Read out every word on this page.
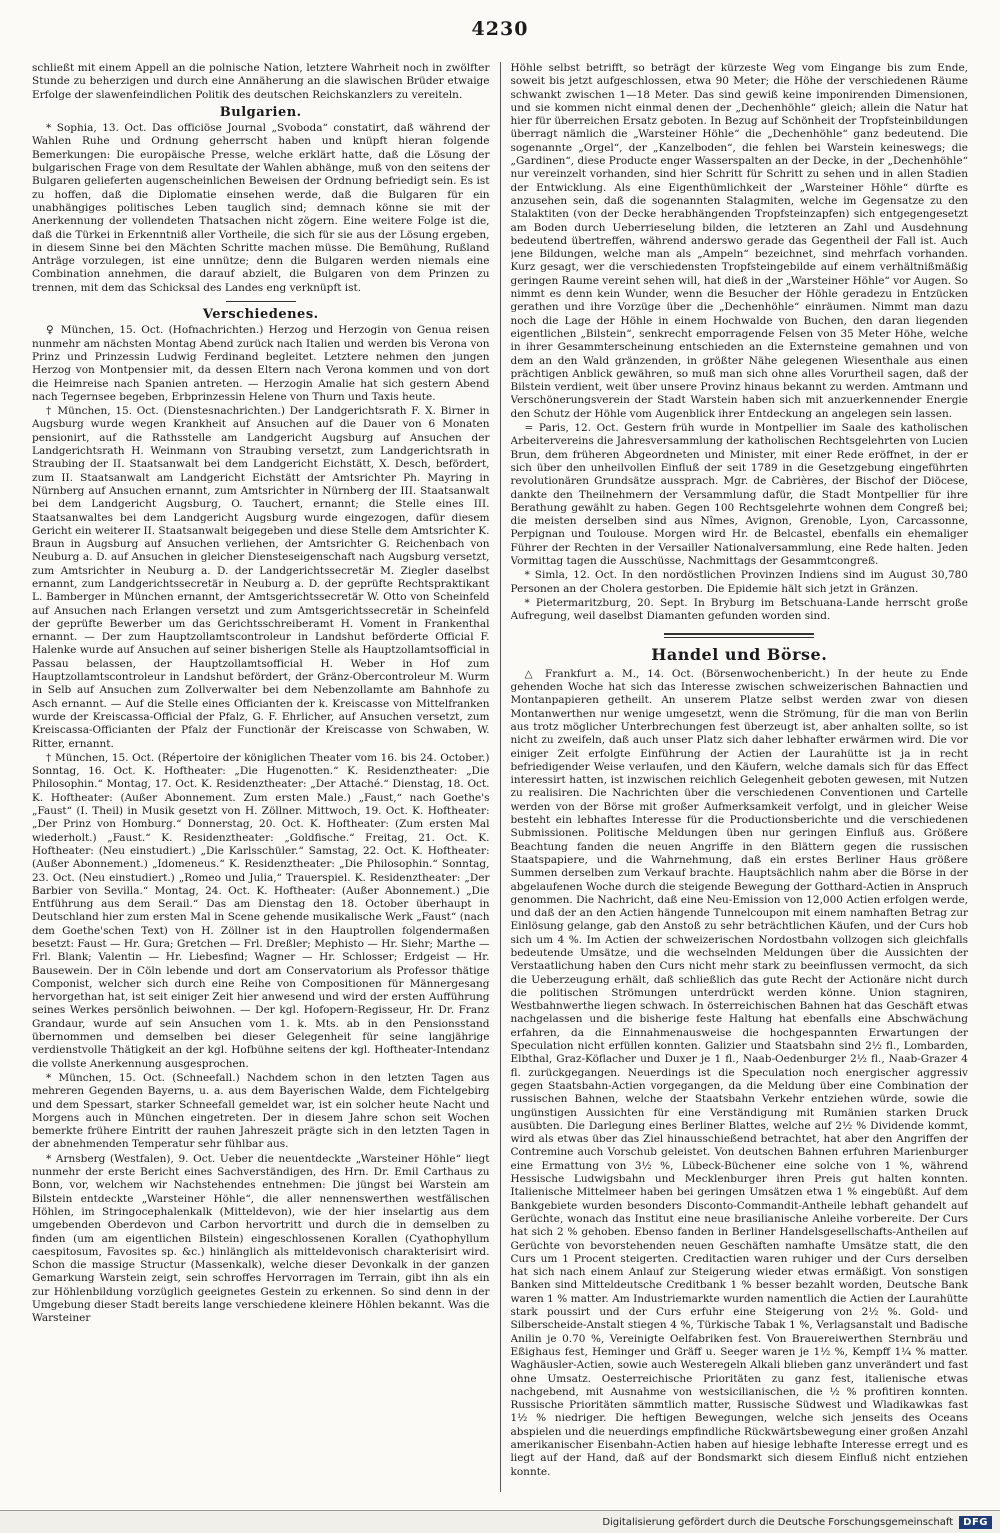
4230

schließt mit einem Appell an die polnische Nation, letztere Wahrheit noch in zwölfter Stunde zu beherzigen und durch eine Annäherung an die slawischen Brüder etwaige Erfolge der slawenfeindlichen Politik des deutschen Reichskanzlers zu vereiteln.

Bulgarien.

* Sophia, 13. Oct. Das officiöse Journal „Svoboda“ constatirt, daß während der Wahlen Ruhe und Ordnung geherrscht haben und knüpft hieran folgende Bemerkungen: Die europäische Presse, welche erklärt hatte, daß die Lösung der bulgarischen Frage von dem Resultate der Wahlen abhänge, muß von den seitens der Bulgaren gelieferten augenscheinlichen Beweisen der Ordnung befriedigt sein. Es ist zu hoffen, daß die Diplomatie einsehen werde, daß die Bulgaren für ein unabhängiges politisches Leben tauglich sind; demnach könne sie mit der Anerkennung der vollendeten Thatsachen nicht zögern. Eine weitere Folge ist die, daß die Türkei in Erkenntniß aller Vortheile, die sich für sie aus der Lösung ergeben, in diesem Sinne bei den Mächten Schritte machen müsse. Die Bemühung, Rußland Anträge vorzulegen, ist eine unnütze; denn die Bulgaren werden niemals eine Combination annehmen, die darauf abzielt, die Bulgaren von dem Prinzen zu trennen, mit dem das Schicksal des Landes eng verknüpft ist.

Verschiedenes.

♀ München, 15. Oct. (Hofnachrichten.) Herzog und Herzogin von Genua reisen nunmehr am nächsten Montag Abend zurück nach Italien und werden bis Verona von Prinz und Prinzessin Ludwig Ferdinand begleitet. Letztere nehmen den jungen Herzog von Montpensier mit, da dessen Eltern nach Verona kommen und von dort die Heimreise nach Spanien antreten. — Herzogin Amalie hat sich gestern Abend nach Tegernsee begeben, Erbprinzessin Helene von Thurn und Taxis heute.

† München, 15. Oct. (Dienstesnachrichten.) Der Landgerichtsrath F. X. Birner in Augsburg wurde wegen Krankheit auf Ansuchen auf die Dauer von 6 Monaten pensionirt, auf die Rathsstelle am Landgericht Augsburg auf Ansuchen der Landgerichtsrath H. Weinmann von Straubing versetzt, zum Landgerichtsrath in Straubing der II. Staatsanwalt bei dem Landgericht Eichstätt, X. Desch, befördert, zum II. Staatsanwalt am Landgericht Eichstätt der Amtsrichter Ph. Mayring in Nürnberg auf Ansuchen ernannt, zum Amtsrichter in Nürnberg der III. Staatsanwalt bei dem Landgericht Augsburg, O. Tauchert, ernannt; die Stelle eines III. Staatsanwaltes bei dem Landgericht Augsburg wurde eingezogen, dafür diesem Gericht ein weiterer II. Staatsanwalt beigegeben und diese Stelle dem Amtsrichter K. Braun in Augsburg auf Ansuchen verliehen, der Amtsrichter G. Reichenbach von Neuburg a. D. auf Ansuchen in gleicher Diensteseigenschaft nach Augsburg versetzt, zum Amtsrichter in Neuburg a. D. der Landgerichtssecretär M. Ziegler daselbst ernannt, zum Landgerichtssecretär in Neuburg a. D. der geprüfte Rechtspraktikant L. Bamberger in München ernannt, der Amtsgerichtssecretär W. Otto von Scheinfeld auf Ansuchen nach Erlangen versetzt und zum Amtsgerichtssecretär in Scheinfeld der geprüfte Bewerber um das Gerichtsschreiberamt H. Voment in Frankenthal ernannt. — Der zum Hauptzollamtscontroleur in Landshut beförderte Official F. Halenke wurde auf Ansuchen auf seiner bisherigen Stelle als Hauptzollamtsofficial in Passau belassen, der Hauptzollamtsofficial H. Weber in Hof zum Hauptzollamtscontroleur in Landshut befördert, der Gränz-Obercontroleur M. Wurm in Selb auf Ansuchen zum Zollverwalter bei dem Nebenzollamte am Bahnhofe zu Asch ernannt. — Auf die Stelle eines Officianten der k. Kreiscasse von Mittelfranken wurde der Kreiscassa-Official der Pfalz, G. F. Ehrlicher, auf Ansuchen versetzt, zum Kreiscassa-Officianten der Pfalz der Functionär der Kreiscasse von Schwaben, W. Ritter, ernannt.

† München, 15. Oct. (Répertoire der königlichen Theater vom 16. bis 24. October.) Sonntag, 16. Oct. K. Hoftheater: „Die Hugenotten.“ K. Residenztheater: „Die Philosophin.“ Montag, 17. Oct. K. Residenztheater: „Der Attaché.“ Dienstag, 18. Oct. K. Hoftheater: (Außer Abonnement. Zum ersten Male.) „Faust,“ nach Goethe's „Faust“ (I. Theil) in Musik gesetzt von H. Zöllner. Mittwoch, 19. Oct. K. Hoftheater: „Der Prinz von Homburg.“ Donnerstag, 20. Oct. K. Hoftheater: (Zum ersten Mal wiederholt.) „Faust.“ K. Residenztheater: „Goldfische.“ Freitag, 21. Oct. K. Hoftheater: (Neu einstudiert.) „Die Karlsschüler.“ Samstag, 22. Oct. K. Hoftheater: (Außer Abonnement.) „Idomeneus.“ K. Residenztheater: „Die Philosophin.“ Sonntag, 23. Oct. (Neu einstudiert.) „Romeo und Julia,“ Trauerspiel. K. Residenztheater: „Der Barbier von Sevilla.“ Montag, 24. Oct. K. Hoftheater: (Außer Abonnement.) „Die Entführung aus dem Serail.“ Das am Dienstag den 18. October überhaupt in Deutschland hier zum ersten Mal in Scene gehende musikalische Werk „Faust“ (nach dem Goethe'schen Text) von H. Zöllner ist in den Hauptrollen folgendermaßen besetzt: Faust — Hr. Gura; Gretchen — Frl. Dreßler; Mephisto — Hr. Siehr; Marthe — Frl. Blank; Valentin — Hr. Liebesfind; Wagner — Hr. Schlosser; Erdgeist — Hr. Bausewein. Der in Cöln lebende und dort am Conservatorium als Professor thätige Componist, welcher sich durch eine Reihe von Compositionen für Männergesang hervorgethan hat, ist seit einiger Zeit hier anwesend und wird der ersten Aufführung seines Werkes persönlich beiwohnen. — Der kgl. Hofopern-Regisseur, Hr. Dr. Franz Grandaur, wurde auf sein Ansuchen vom 1. k. Mts. ab in den Pensionsstand übernommen und demselben bei dieser Gelegenheit für seine langjährige verdienstvolle Thätigkeit an der kgl. Hofbühne seitens der kgl. Hoftheater-Intendanz die vollste Anerkennung ausgesprochen.

* München, 15. Oct. (Schneefall.) Nachdem schon in den letzten Tagen aus mehreren Gegenden Bayerns, u. a. aus dem Bayerischen Walde, dem Fichtelgebirg und dem Spessart, starker Schneefall gemeldet war, ist ein solcher heute Nacht und Morgens auch in München eingetreten. Der in diesem Jahre schon seit Wochen bemerkte frühere Eintritt der rauhen Jahreszeit prägte sich in den letzten Tagen in der abnehmenden Temperatur sehr fühlbar aus.

* Arnsberg (Westfalen), 9. Oct. Ueber die neuentdeckte „Warsteiner Höhle“ liegt nunmehr der erste Bericht eines Sachverständigen, des Hrn. Dr. Emil Carthaus zu Bonn, vor, welchem wir Nachstehendes entnehmen: Die jüngst bei Warstein am Bilstein entdeckte „Warsteiner Höhle“, die aller nennenswerthen westfälischen Höhlen, im Stringocephalenkalk (Mitteldevon), wie der hier inselartig aus dem umgebenden Oberdevon und Carbon hervortritt und durch die in demselben zu finden (um am eigentlichen Bilstein) eingeschlossenen Korallen (Cyathophyllum caespitosum, Favosites sp. &c.) hinlänglich als mitteldevonisch charakterisirt wird. Schon die massige Structur (Massenkalk), welche dieser Devonkalk in der ganzen Gemarkung Warstein zeigt, sein schroffes Hervorragen im Terrain, gibt ihn als ein zur Höhlenbildung vorzüglich geeignetes Gestein zu erkennen. So sind denn in der Umgebung dieser Stadt bereits lange verschiedene kleinere Höhlen bekannt. Was die Warsteiner

Höhle selbst betrifft, so beträgt der kürzeste Weg vom Eingange bis zum Ende, soweit bis jetzt aufgeschlossen, etwa 90 Meter; die Höhe der verschiedenen Räume schwankt zwischen 1—18 Meter. Das sind gewiß keine imponirenden Dimensionen, und sie kommen nicht einmal denen der „Dechenhöhle“ gleich; allein die Natur hat hier für überreichen Ersatz geboten. In Bezug auf Schönheit der Tropfsteinbildungen überragt nämlich die „Warsteiner Höhle“ die „Dechenhöhle“ ganz bedeutend. Die sogenannte „Orgel“, der „Kanzelboden“, die fehlen bei Warstein keineswegs; die „Gardinen“, diese Producte enger Wasserspalten an der Decke, in der „Dechenhöhle“ nur vereinzelt vorhanden, sind hier Schritt für Schritt zu sehen und in allen Stadien der Entwicklung. Als eine Eigenthümlichkeit der „Warsteiner Höhle“ dürfte es anzusehen sein, daß die sogenannten Stalagmiten, welche im Gegensatze zu den Stalaktiten (von der Decke herabhängenden Tropfsteinzapfen) sich entgegengesetzt am Boden durch Ueberrieselung bilden, die letzteren an Zahl und Ausdehnung bedeutend übertreffen, während anderswo gerade das Gegentheil der Fall ist. Auch jene Bildungen, welche man als „Ampeln“ bezeichnet, sind mehrfach vorhanden. Kurz gesagt, wer die verschiedensten Tropfsteingebilde auf einem verhältnißmäßig geringen Raume vereint sehen will, hat dieß in der „Warsteiner Höhle“ vor Augen. So nimmt es denn kein Wunder, wenn die Besucher der Höhle geradezu in Entzücken gerathen und ihre Vorzüge über die „Dechenhöhle“ einräumen. Nimmt man dazu noch die Lage der Höhle in einem Hochwalde von Buchen, den daran liegenden eigentlichen „Bilstein“, senkrecht emporragende Felsen von 35 Meter Höhe, welche in ihrer Gesammterscheinung entschieden an die Externsteine gemahnen und von dem an den Wald gränzenden, in größter Nähe gelegenen Wiesenthale aus einen prächtigen Anblick gewähren, so muß man sich ohne alles Vorurtheil sagen, daß der Bilstein verdient, weit über unsere Provinz hinaus bekannt zu werden. Amtmann und Verschönerungsverein der Stadt Warstein haben sich mit anzuerkennender Energie den Schutz der Höhle vom Augenblick ihrer Entdeckung an angelegen sein lassen.

= Paris, 12. Oct. Gestern früh wurde in Montpellier im Saale des katholischen Arbeitervereins die Jahresversammlung der katholischen Rechtsgelehrten von Lucien Brun, dem früheren Abgeordneten und Minister, mit einer Rede eröffnet, in der er sich über den unheilvollen Einfluß der seit 1789 in die Gesetzgebung eingeführten revolutionären Grundsätze aussprach. Mgr. de Cabrières, der Bischof der Diöcese, dankte den Theilnehmern der Versammlung dafür, die Stadt Montpellier für ihre Berathung gewählt zu haben. Gegen 100 Rechtsgelehrte wohnen dem Congreß bei; die meisten derselben sind aus Nîmes, Avignon, Grenoble, Lyon, Carcassonne, Perpignan und Toulouse. Morgen wird Hr. de Belcastel, ebenfalls ein ehemaliger Führer der Rechten in der Versailler Nationalversammlung, eine Rede halten. Jeden Vormittag tagen die Ausschüsse, Nachmittags der Gesammtcongreß.

* Simla, 12. Oct. In den nordöstlichen Provinzen Indiens sind im August 30,780 Personen an der Cholera gestorben. Die Epidemie hält sich jetzt in Gränzen.

* Pietermaritzburg, 20. Sept. In Bryburg im Betschuana-Lande herrscht große Aufregung, weil daselbst Diamanten gefunden worden sind.

Handel und Börse.

△ Frankfurt a. M., 14. Oct. (Börsenwochenbericht.) In der heute zu Ende gehenden Woche hat sich das Interesse zwischen schweizerischen Bahnactien und Montanpapieren getheilt. An unserem Platze selbst werden zwar von diesen Montanwerthen nur wenige umgesetzt, wenn die Strömung, für die man von Berlin aus trotz möglicher Unterbrechungen fest überzeugt ist, aber anhalten sollte, so ist nicht zu zweifeln, daß auch unser Platz sich daher lebhafter erwärmen wird. Die vor einiger Zeit erfolgte Einführung der Actien der Laurahütte ist ja in recht befriedigender Weise verlaufen, und den Käufern, welche damals sich für das Effect interessirt hatten, ist inzwischen reichlich Gelegenheit geboten gewesen, mit Nutzen zu realisiren. Die Nachrichten über die verschiedenen Conventionen und Cartelle werden von der Börse mit großer Aufmerksamkeit verfolgt, und in gleicher Weise besteht ein lebhaftes Interesse für die Productionsberichte und die verschiedenen Submissionen. Politische Meldungen üben nur geringen Einfluß aus. Größere Beachtung fanden die neuen Angriffe in den Blättern gegen die russischen Staatspapiere, und die Wahrnehmung, daß ein erstes Berliner Haus größere Summen derselben zum Verkauf brachte. Hauptsächlich nahm aber die Börse in der abgelaufenen Woche durch die steigende Bewegung der Gotthard-Actien in Anspruch genommen. Die Nachricht, daß eine Neu-Emission von 12,000 Actien erfolgen werde, und daß der an den Actien hängende Tunnelcoupon mit einem namhaften Betrag zur Einlösung gelange, gab den Anstoß zu sehr beträchtlichen Käufen, und der Curs hob sich um 4 %. Im Actien der schweizerischen Nordostbahn vollzogen sich gleichfalls bedeutende Umsätze, und die wechselnden Meldungen über die Aussichten der Verstaatlichung haben den Curs nicht mehr stark zu beeinflussen vermocht, da sich die Ueberzeugung erhält, daß schließlich das gute Recht der Actionäre nicht durch die politischen Strömungen unterdrückt werden könne. Union stagniren, Westbahnwerthe liegen schwach. In österreichischen Bahnen hat das Geschäft etwas nachgelassen und die bisherige feste Haltung hat ebenfalls eine Abschwächung erfahren, da die Einnahmenausweise die hochgespannten Erwartungen der Speculation nicht erfüllen konnten. Galizier und Staatsbahn sind 2½ fl., Lombarden, Elbthal, Graz-Köflacher und Duxer je 1 fl., Naab-Oedenburger 2½ fl., Naab-Grazer 4 fl. zurückgegangen. Neuerdings ist die Speculation noch energischer aggressiv gegen Staatsbahn-Actien vorgegangen, da die Meldung über eine Combination der russischen Bahnen, welche der Staatsbahn Verkehr entziehen würde, sowie die ungünstigen Aussichten für eine Verständigung mit Rumänien starken Druck ausübten. Die Darlegung eines Berliner Blattes, welche auf 2½ % Dividende kommt, wird als etwas über das Ziel hinausschießend betrachtet, hat aber den Angriffen der Contremine auch Vorschub geleistet. Von deutschen Bahnen erfuhren Marienburger eine Ermattung von 3½ %, Lübeck-Büchener eine solche von 1 %, während Hessische Ludwigsbahn und Mecklenburger ihren Preis gut halten konnten. Italienische Mittelmeer haben bei geringen Umsätzen etwa 1 % eingebüßt. Auf dem Bankgebiete wurden besonders Disconto-Commandit-Antheile lebhaft gehandelt auf Gerüchte, wonach das Institut eine neue brasilianische Anleihe vorbereite. Der Curs hat sich 2 % gehoben. Ebenso fanden in Berliner Handelsgesellschafts-Antheilen auf Gerüchte von bevorstehenden neuen Geschäften namhafte Umsätze statt, die den Curs um 1 Procent steigerten. Creditactien waren ruhiger und der Curs derselben hat sich nach einem Anlauf zur Steigerung wieder etwas ermäßigt. Von sonstigen Banken sind Mitteldeutsche Creditbank 1 % besser bezahlt worden, Deutsche Bank waren 1 % matter. Am Industriemarkte wurden namentlich die Actien der Laurahütte stark poussirt und der Curs erfuhr eine Steigerung von 2½ %. Gold- und Silberscheide-Anstalt stiegen 4 %, Türkische Tabak 1 %, Verlagsanstalt und Badische Anilin je 0.70 %, Vereinigte Oelfabriken fest. Von Brauereiwerthen Sternbräu und Eßighaus fest, Heminger und Gräff u. Seeger waren je 1½ %, Kempff 1¼ % matter. Waghäusler-Actien, sowie auch Westeregeln Alkali blieben ganz unverändert und fast ohne Umsatz. Oesterreichische Prioritäten zu ganz fest, italienische etwas nachgebend, mit Ausnahme von westsicilianischen, die ½ % profitiren konnten. Russische Prioritäten sämmtlich matter, Russische Südwest und Wladikawkas fast 1½ % niedriger. Die heftigen Bewegungen, welche sich jenseits des Oceans abspielen und die neuerdings empfindliche Rückwärtsbewegung einer großen Anzahl amerikanischer Eisenbahn-Actien haben auf hiesige lebhafte Interesse erregt und es liegt auf der Hand, daß auf der Bondsmarkt sich diesem Einfluß nicht entziehen konnte.

Digitalisierung gefördert durch die Deutsche Forschungsgemeinschaft	DFG
